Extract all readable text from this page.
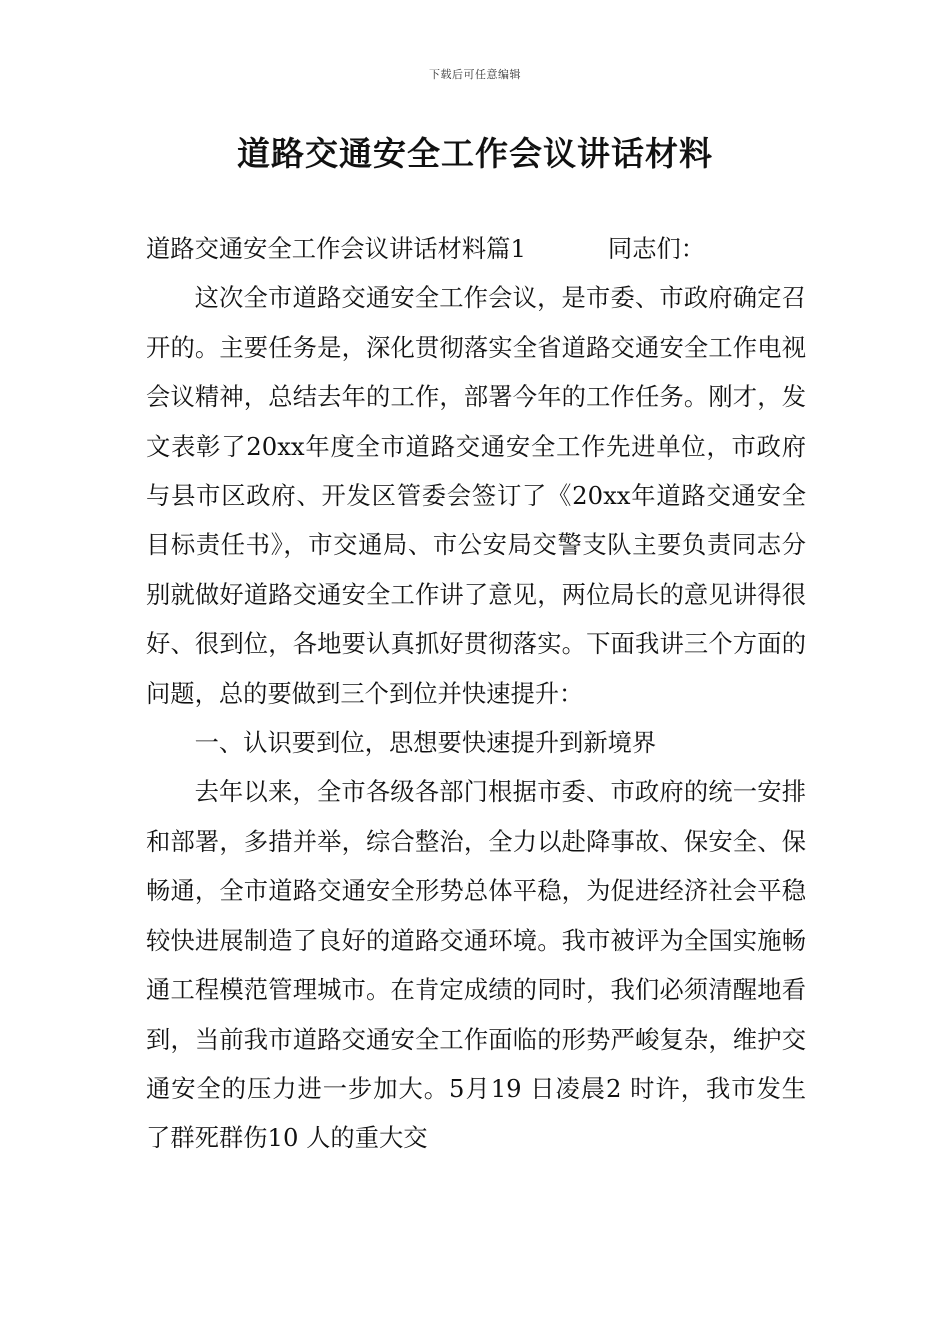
下载后可任意编辑
道路交通安全工作会议讲话材料

道路交通安全工作会议讲话材料篇1	同志们：

这次全市道路交通安全工作会议，是市委、市政府确定召开的。主要任务是，深化贯彻落实全省道路交通安全工作电视会议精神，总结去年的工作，部署今年的工作任务。刚才，发文表彰了20xx年度全市道路交通安全工作先进单位，市政府与县市区政府、开发区管委会签订了《20xx年道路交通安全目标责任书》，市交通局、市公安局交警支队主要负责同志分别就做好道路交通安全工作讲了意见，两位局长的意见讲得很好、很到位，各地要认真抓好贯彻落实。下面我讲三个方面的问题，总的要做到三个到位并快速提升：

一、认识要到位，思想要快速提升到新境界

去年以来，全市各级各部门根据市委、市政府的统一安排和部署，多措并举，综合整治，全力以赴降事故、保安全、保畅通，全市道路交通安全形势总体平稳，为促进经济社会平稳较快进展制造了良好的道路交通环境。我市被评为全国实施畅通工程模范管理城市。在肯定成绩的同时，我们必须清醒地看到，当前我市道路交通安全工作面临的形势严峻复杂，维护交通安全的压力进一步加大。5月19 日凌晨2 时许，我市发生了群死群伤10 人的重大交
